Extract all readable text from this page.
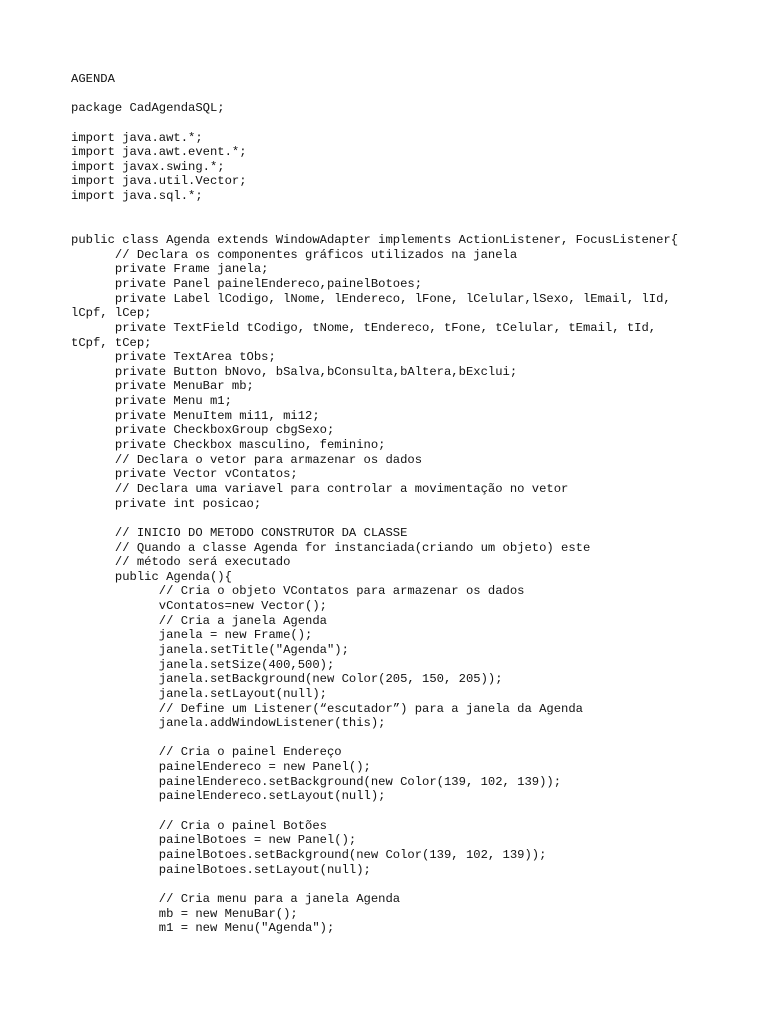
AGENDA

package CadAgendaSQL;

import java.awt.*;
import java.awt.event.*;
import javax.swing.*;
import java.util.Vector;
import java.sql.*;

public class Agenda extends WindowAdapter implements ActionListener, FocusListener{
// Declara os componentes gráficos utilizados na janela
private Frame janela;
private Panel painelEndereco,painelBotoes;
private Label lCodigo, lNome, lEndereco, lFone, lCelular,lSexo, lEmail, lId,
lCpf, lCep;
private TextField tCodigo, tNome, tEndereco, tFone, tCelular, tEmail, tId,
tCpf, tCep;
private TextArea tObs;
private Button bNovo, bSalva,bConsulta,bAltera,bExclui;
private MenuBar mb;
private Menu m1;
private MenuItem mi11, mi12;
private CheckboxGroup cbgSexo;
private Checkbox masculino, feminino;
// Declara o vetor para armazenar os dados
private Vector vContatos;
// Declara uma variavel para controlar a movimentação no vetor
private int posicao;

// INICIO DO METODO CONSTRUTOR DA CLASSE
// Quando a classe Agenda for instanciada(criando um objeto) este
// método será executado
public Agenda(){
// Cria o objeto VContatos para armazenar os dados
vContatos=new Vector();
// Cria a janela Agenda
janela = new Frame();
janela.setTitle("Agenda");
janela.setSize(400,500);
janela.setBackground(new Color(205, 150, 205));
janela.setLayout(null);
// Define um Listener(“escutador”) para a janela da Agenda
janela.addWindowListener(this);

// Cria o painel Endereço
painelEndereco = new Panel();
painelEndereco.setBackground(new Color(139, 102, 139));
painelEndereco.setLayout(null);

// Cria o painel Botões
painelBotoes = new Panel();
painelBotoes.setBackground(new Color(139, 102, 139));
painelBotoes.setLayout(null);

// Cria menu para a janela Agenda
mb = new MenuBar();
m1 = new Menu("Agenda");
